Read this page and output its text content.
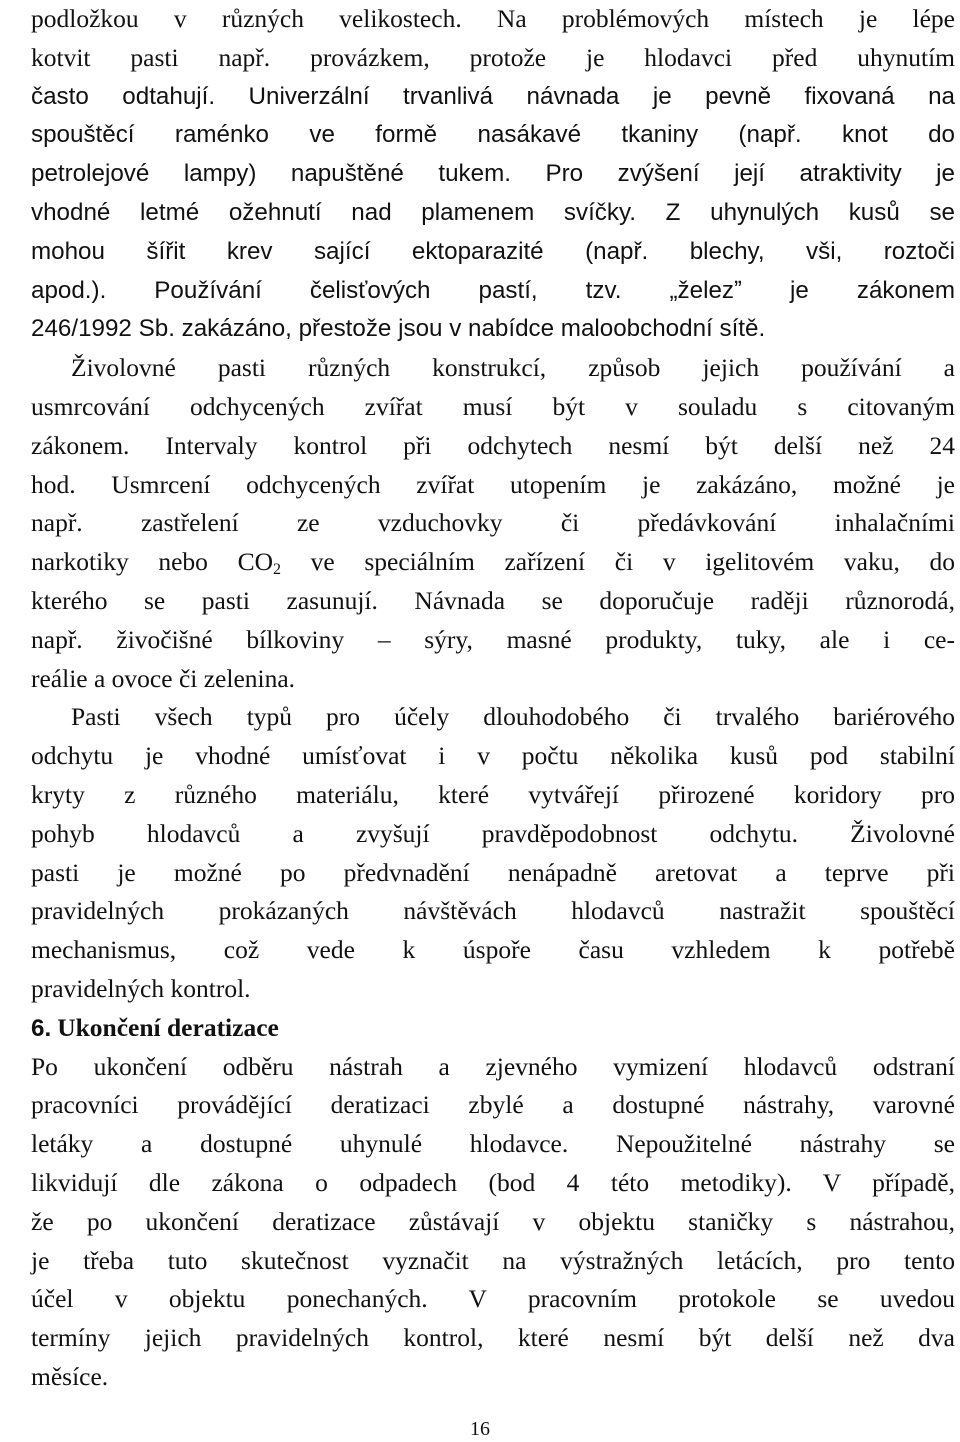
podložkou v různých velikostech. Na problémových místech je lépe
kotvit pasti např. provázkem, protože je hlodavci před uhynutím
často odtahují. Univerzální trvanlivá návnada je pevně fixovaná na
spouštěcí raménko ve formě nasákavé tkaniny (např. knot do
petrolejové lampy) napuštěné tukem. Pro zvýšení její atraktivity je
vhodné letmé ožehnutí nad plamenem svíčky. Z uhynulých kusů se
mohou šířit krev sající ektoparazité (např. blechy, vši, roztoči
apod.). Používání čelisťových pastí, tzv. „železˮ je zákonem
246/1992 Sb. zakázáno, přestože jsou v nabídce maloobchodní sítě.
Živolovné pasti různých konstrukcí, způsob jejich používání a
usmrcování odchycených zvířat musí být v souladu s citovaným
zákonem. Intervaly kontrol při odchytech nesmí být delší než 24
hod. Usmrcení odchycených zvířat utopením je zakázáno, možné je
např. zastřelení ze vzduchovky či předávkování inhalačními
narkotiky nebo $CO_2$ ve speciálním zařízení či v igelitovém vaku, do
kterého se pasti zasunují. Návnada se doporučuje raději různorodá,
např. živočišné bílkoviny – sýry, masné produkty, tuky, ale i ce-
reálie a ovoce či zelenina.
Pasti všech typů pro účely dlouhodobého či trvalého bariérového
odchytu je vhodné umísťovat i v počtu několika kusů pod stabilní
kryty z různého materiálu, které vytvářejí přirozené koridory pro
pohyb hlodavců a zvyšují pravděpodobnost odchytu. Živolovné
pasti je možné po předvnadění nenápadně aretovat a teprve při
pravidelných prokázaných návštěvách hlodavců nastražit spouštěcí
mechanismus, což vede k úspoře času vzhledem k potřebě
pravidelných kontrol.
6. Ukončení deratizace
Po ukončení odběru nástrah a zjevného vymizení hlodavců odstraní
pracovníci provádějící deratizaci zbylé a dostupné nástrahy, varovné
letáky a dostupné uhynulé hlodavce. Nepoužitelné nástrahy se
likvidují dle zákona o odpadech (bod 4 této metodiky). V případě,
že po ukončení deratizace zůstávají v objektu staničky s nástrahou,
je třeba tuto skutečnost vyznačit na výstražných letácích, pro tento
účel v objektu ponechaných. V pracovním protokole se uvedou
termíny jejich pravidelných kontrol, které nesmí být delší než dva
měsíce.
16
